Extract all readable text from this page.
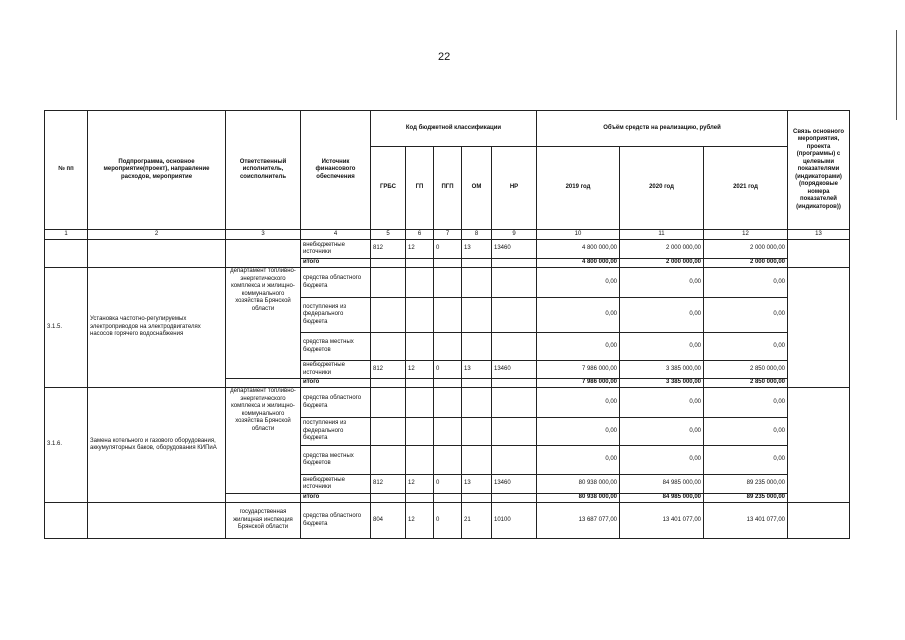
22
№ пп	Подпрограмма, основное мероприятие(проект), направление расходов, мероприятие	Ответственный исполнитель, соисполнитель	Источник финансового обеспечения	Код бюджетной классификации					Объём средств на реализацию, рублей			Связь основного мероприятия, проекта (программы) с целевыми показателями (индикаторами) (порядковые номера показателей (индикаторов))
				ГРБС	ГП	ПГП	ОМ	НР	2019 год	2020 год	2021 год	
1	2	3	4	5	6	7	8	9	10	11	12	13
			внебюджетные источники	812	12	0	13	13460	4 800 000,00	2 000 000,00	2 000 000,00	
			итого						4 800 000,00	2 000 000,00	2 000 000,00	
3.1.5.	Установка частотно-регулируемых электроприводов на электродвигателях насосов горячего водоснабжения	департамент топливно-энергетического комплекса и жилищно-коммунального хозяйства Брянской области	средства областного бюджета						0,00	0,00	0,00	
			поступления из федерального бюджета						0,00	0,00	0,00	
			средства местных бюджетов						0,00	0,00	0,00	
			внебюджетные источники	812	12	0	13	13460	7 986 000,00	3 385 000,00	2 850 000,00	
			итого						7 986 000,00	3 385 000,00	2 850 000,00	
3.1.6.	Замена котельного и газового оборудования, аккумуляторных баков, оборудования КИПиА	департамент топливно-энергетического комплекса и жилищно-коммунального хозяйства Брянской области	средства областного бюджета						0,00	0,00	0,00	
			поступления из федерального бюджета						0,00	0,00	0,00	
			средства местных бюджетов						0,00	0,00	0,00	
			внебюджетные источники	812	12	0	13	13460	80 938 000,00	84 985 000,00	89 235 000,00	
			итого						80 938 000,00	84 985 000,00	89 235 000,00	
		государственная жилищная инспекция Брянской области	средства областного бюджета	804	12	0	21	10100	13 687 077,00	13 401 077,00	13 401 077,00	
